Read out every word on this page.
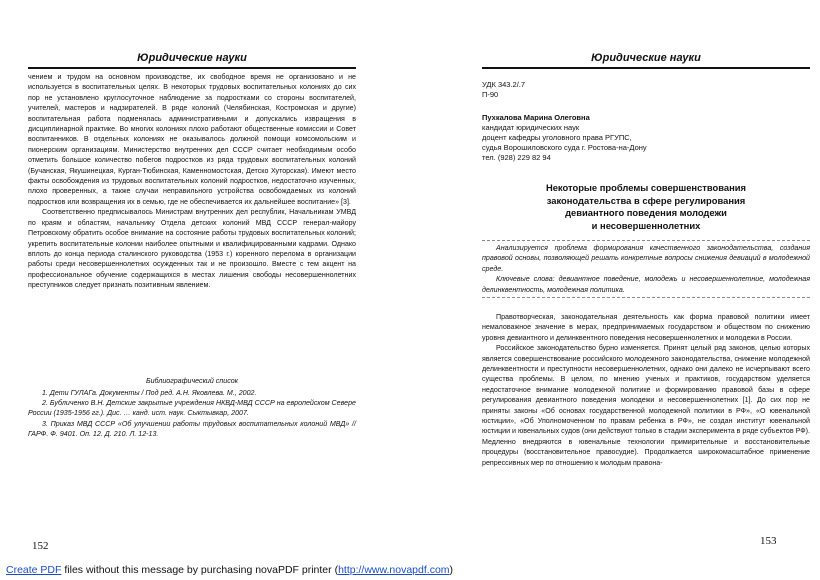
Юридические науки

чением и трудом на основном производстве, их свободное время не организовано и не используется в воспитательных целях. В некоторых трудовых воспитательных колониях до сих пор не установлено круглосуточное наблюдение за подростками со стороны воспитателей, учителей, мастеров и надзирателей. В ряде колоний (Челябинская, Костромская и другие) воспитательная работа подменялась административными и допускались извращения в дисциплинарной практике. Во многих колониях плохо работают общественные комиссии и Совет воспитанников. В отдельных колониях не оказывалось должной помощи комсомольским и пионерским организациям. Министерство внутренних дел СССР считает необходимым особо отметить большое количество побегов подростков из ряда трудовых воспитательных колоний (Бучанская, Якушинецкая, Курган-Тюбинская, Каменномостская, Детско Хуторская). Имеют место факты освобождения из трудовых воспитательных колоний подростков, недостаточно изученных, плохо проверенных, а также случаи неправильного устройства освобождаемых из колоний подростков или возвращения их в семью, где не обеспечивается их дальнейшее воспитание» [3].

Соответственно предписывалось Министрам внутренних дел республик, Начальникам УМВД по краям и областям, начальнику Отдела детских колоний МВД СССР генерал-майору Петровскому обратить особое внимание на состояние работы трудовых воспитательных колоний; укрепить воспитательные колонии наиболее опытными и квалифицированными кадрами. Однако вплоть до конца периода сталинского руководства (1953 г.) коренного перелома в организации работы среди несовершеннолетних осужденных так и не произошло. Вместе с тем акцент на профессиональное обучение содержащихся в местах лишения свободы несовершеннолетних преступников следует признать позитивным явлением.

Библиографический список

1. Дети ГУЛАГа. Документы / Под ред. А.Н. Яковлева. М., 2002.

2. Бубличенко В.Н. Детские закрытые учреждения НКВД-МВД СССР на европейском Севере России (1935-1956 гг.). Дис. … канд. ист. наук. Сыктывкар, 2007.

3. Приказ МВД СССР «Об улучшении работы трудовых воспитательных колоний МВД» // ГАРФ. Ф. 9401. Оп. 12. Д. 210. Л. 12-13.

152
Юридические науки
УДК 343.2/.7
П-90
Пухкалова Марина Олеговна
кандидат юридических наук
доцент кафедры уголовного права РГУПС,
судья Ворошиловского суда г. Ростова-на-Дону
тел. (928) 229 82 94
Некоторые проблемы совершенствования
законодательства в сфере регулирования
девиантного поведения молодежи
и несовершеннолетних

Анализируется проблема формирования качественного законодательства, создания правовой основы, позволяющей решать конкретные вопросы снижения девиаций в молодежной среде.

Ключевые слова: девиантное поведение, молодежь и несовершеннолетние, молодежная делинквентность, молодежная политика.

Правотворческая, законодательная деятельность как форма правовой политики имеет немаловажное значение в мерах, предпринимаемых государством и обществом по снижению уровня девиантного и делинквентного поведения несовершеннолетних и молодежи в России.

Российское законодательство бурно изменяется. Принят целый ряд законов, целью которых является совершенствование российского молодежного законодательства, снижение молодежной делинквентности и преступности несовершеннолетних, однако они далеко не исчерпывают всего существа проблемы. В целом, по мнению ученых и практиков, государством уделяется недостаточное внимание молодежной политике и формированию правовой базы в сфере регулирования девиантного поведения молодежи и несовершеннолетних [1]. До сих пор не приняты законы «Об основах государственной молодежной политики в РФ», «О ювенальной юстиции», «Об Уполномоченном по правам ребенка в РФ», не создан институт ювенальной юстиции и ювенальных судов (они действуют только в стадии эксперимента в ряде субъектов РФ). Медленно внедряются в ювенальные технологии примирительные и восстановительные процедуры (восстановительное правосудие). Продолжается широкомасштабное применение репрессивных мер по отношению к молодым правона-

153
Create PDF files without this message by purchasing novaPDF printer (http://www.novapdf.com)
